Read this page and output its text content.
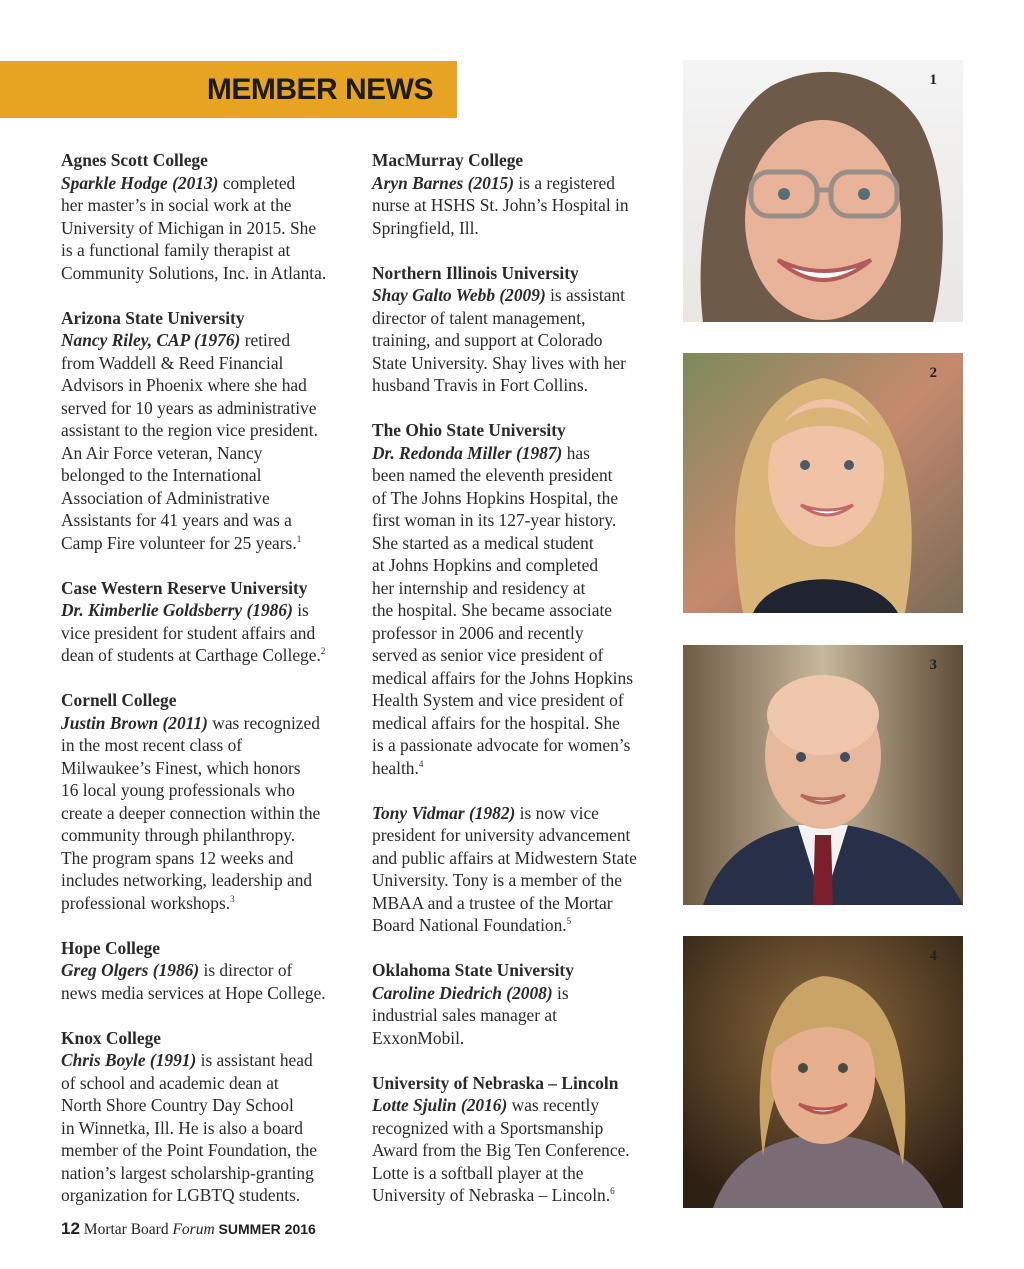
MEMBER NEWS
Agnes Scott College
Sparkle Hodge (2013) completed
her master’s in social work at the
University of Michigan in 2015. She
is a functional family therapist at
Community Solutions, Inc. in Atlanta.
Arizona State University
Nancy Riley, CAP (1976) retired
from Waddell & Reed Financial
Advisors in Phoenix where she had
served for 10 years as administrative
assistant to the region vice president.
An Air Force veteran, Nancy
belonged to the International
Association of Administrative
Assistants for 41 years and was a
Camp Fire volunteer for 25 years.$^1$
Case Western Reserve University
Dr. Kimberlie Goldsberry (1986) is
vice president for student affairs and
dean of students at Carthage College.$^2$
Cornell College
Justin Brown (2011) was recognized
in the most recent class of
Milwaukee’s Finest, which honors
16 local young professionals who
create a deeper connection within the
community through philanthropy.
The program spans 12 weeks and
includes networking, leadership and
professional workshops.$^3$
Hope College
Greg Olgers (1986) is director of
news media services at Hope College.
Knox College
Chris Boyle (1991) is assistant head
of school and academic dean at
North Shore Country Day School
in Winnetka, Ill. He is also a board
member of the Point Foundation, the
nation’s largest scholarship-granting
organization for LGBTQ students.
MacMurray College
Aryn Barnes (2015) is a registered
nurse at HSHS St. John’s Hospital in
Springfield, Ill.
Northern Illinois University
Shay Galto Webb (2009) is assistant
director of talent management,
training, and support at Colorado
State University. Shay lives with her
husband Travis in Fort Collins.
The Ohio State University
Dr. Redonda Miller (1987) has
been named the eleventh president
of The Johns Hopkins Hospital, the
first woman in its 127-year history.
She started as a medical student
at Johns Hopkins and completed
her internship and residency at
the hospital. She became associate
professor in 2006 and recently
served as senior vice president of
medical affairs for the Johns Hopkins
Health System and vice president of
medical affairs for the hospital. She
is a passionate advocate for women’s
health.$^4$
Tony Vidmar (1982) is now vice
president for university advancement
and public affairs at Midwestern State
University. Tony is a member of the
MBAA and a trustee of the Mortar
Board National Foundation.$^5$
Oklahoma State University
Caroline Diedrich (2008) is
industrial sales manager at
ExxonMobil.
University of Nebraska – Lincoln
Lotte Sjulin (2016) was recently
recognized with a Sportsmanship
Award from the Big Ten Conference.
Lotte is a softball player at the
University of Nebraska – Lincoln.$^6$
1
2
3
4
12 Mortar Board Forum SUMMER 2016
